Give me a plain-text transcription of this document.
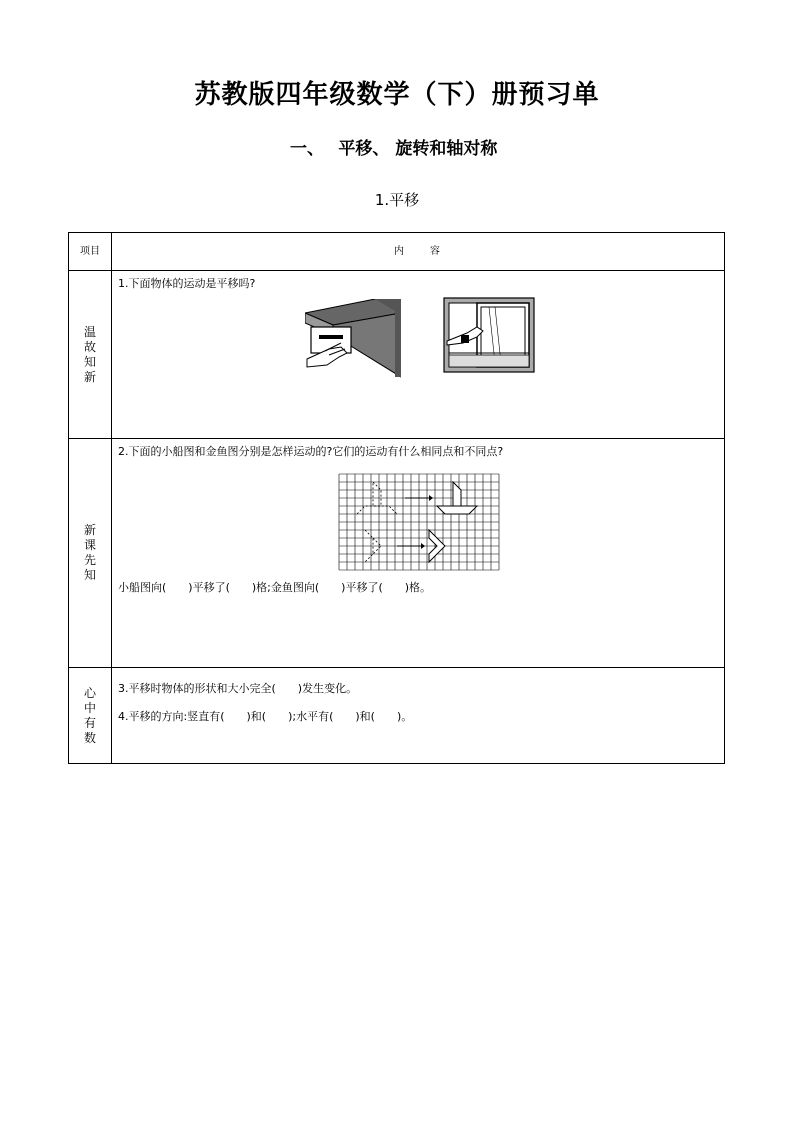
苏教版四年级数学（下）册预习单
一、　 平移、 旋转和轴对称
1.平移
项目	内　　容
温故知新	1.下面物体的运动是平移吗?

新课先知	2.下面的小船图和金鱼图分别是怎样运动的?它们的运动有什么相同点和不同点?
小船图向(　　)平移了(　　)格;金鱼图向(　　)平移了(　　)格。

心中有数	3.平移时物体的形状和大小完全(　　)发生变化。
4.平移的方向:竖直有(　　)和(　　);水平有(　　)和(　　)。
